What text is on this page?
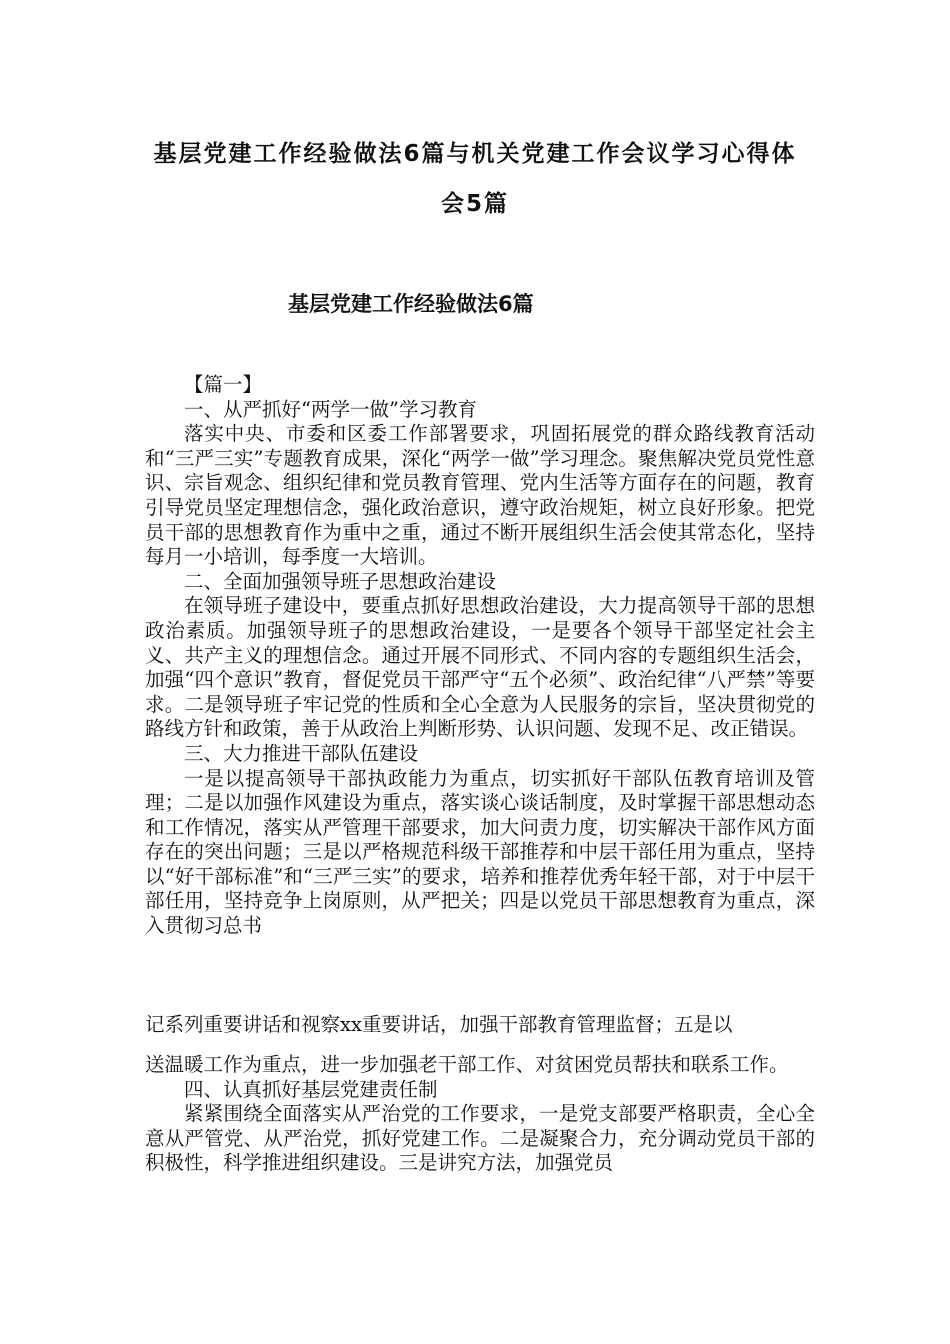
基层党建工作经验做法6篇与机关党建工作会议学习心得体
会5篇
基层党建工作经验做法6篇

【篇一】

一、从严抓好“两学一做”学习教育

落实中央、市委和区委工作部署要求，巩固拓展党的群众路线教育活动和“三严三实”专题教育成果，深化“两学一做”学习理念。聚焦解决党员党性意识、宗旨观念、组织纪律和党员教育管理、党内生活等方面存在的问题，教育引导党员坚定理想信念，强化政治意识，遵守政治规矩，树立良好形象。把党员干部的思想教育作为重中之重，通过不断开展组织生活会使其常态化，坚持每月一小培训，每季度一大培训。

二、全面加强领导班子思想政治建设

在领导班子建设中，要重点抓好思想政治建设，大力提高领导干部的思想政治素质。加强领导班子的思想政治建设，一是要各个领导干部坚定社会主义、共产主义的理想信念。通过开展不同形式、不同内容的专题组织生活会，加强“四个意识”教育，督促党员干部严守“五个必须”、政治纪律“八严禁”等要求。二是领导班子牢记党的性质和全心全意为人民服务的宗旨，坚决贯彻党的路线方针和政策，善于从政治上判断形势、认识问题、发现不足、改正错误。

三、大力推进干部队伍建设

一是以提高领导干部执政能力为重点，切实抓好干部队伍教育培训及管理；二是以加强作风建设为重点，落实谈心谈话制度，及时掌握干部思想动态和工作情况，落实从严管理干部要求，加大问责力度，切实解决干部作风方面存在的突出问题；三是以严格规范科级干部推荐和中层干部任用为重点，坚持以“好干部标准”和“三严三实”的要求，培养和推荐优秀年轻干部，对于中层干部任用，坚持竞争上岗原则，从严把关；四是以党员干部思想教育为重点，深入贯彻习总书

记系列重要讲话和视察xx重要讲话，加强干部教育管理监督；五是以

送温暖工作为重点，进一步加强老干部工作、对贫困党员帮扶和联系工作。

四、认真抓好基层党建责任制

紧紧围绕全面落实从严治党的工作要求，一是党支部要严格职责，全心全意从严管党、从严治党，抓好党建工作。二是凝聚合力，充分调动党员干部的积极性，科学推进组织建设。三是讲究方法，加强党员
